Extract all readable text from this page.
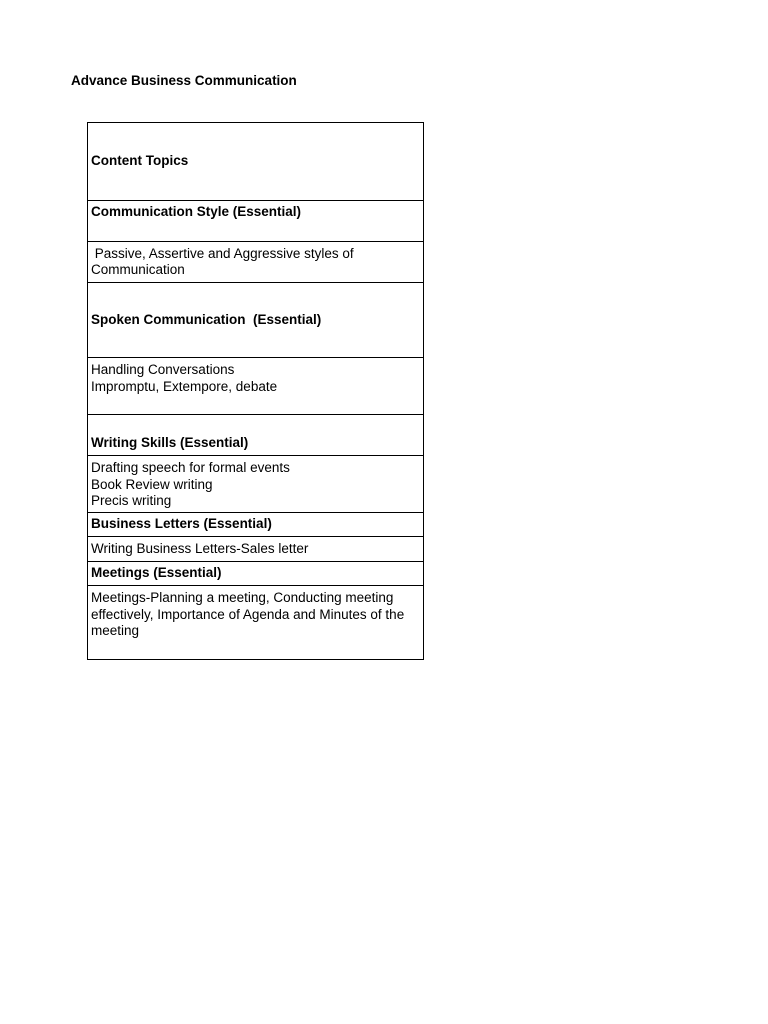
Advance Business Communication
Content Topics
Communication Style (Essential)

Passive, Assertive and Aggressive styles of
Communication

Spoken Communication  (Essential)

Handling Conversations
Impromptu, Extempore, debate

Writing Skills (Essential)

Drafting speech for formal events
Book Review writing
Precis writing

Business Letters (Essential)

Writing Business Letters-Sales letter

Meetings (Essential)

Meetings-Planning a meeting, Conducting meeting
effectively, Importance of Agenda and Minutes of the
meeting
